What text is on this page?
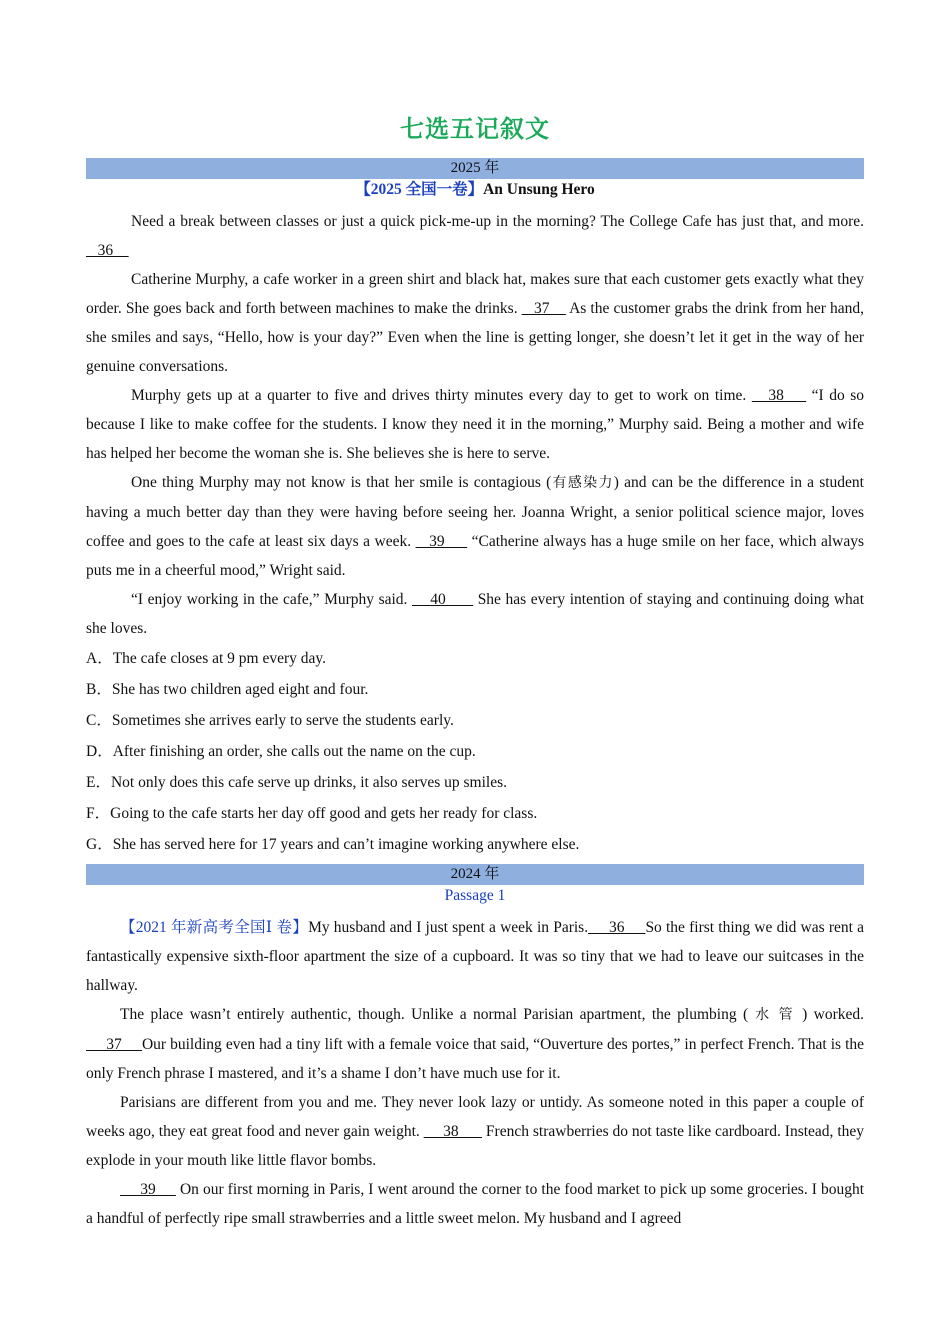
七选五记叙文
2025 年
【2025 全国一卷】An Unsung Hero

Need a break between classes or just a quick pick-me-up in the morning? The College Cafe has just that, and more.    36

Catherine Murphy, a cafe worker in a green shirt and black hat, makes sure that each customer gets exactly what they order. She goes back and forth between machines to make the drinks.    37     As the customer grabs the drink from her hand, she smiles and says, “Hello, how is your day?” Even when the line is getting longer, she doesn’t let it get in the way of her genuine conversations.

Murphy gets up at a quarter to five and drives thirty minutes every day to get to work on time.    38     “I do so because I like to make coffee for the students. I know they need it in the morning,” Murphy said. Being a mother and wife has helped her become the woman she is. She believes she is here to serve.

One thing Murphy may not know is that her smile is contagious (有感染力) and can be the difference in a student having a much better day than they were having before seeing her. Joanna Wright, a senior political science major, loves coffee and goes to the cafe at least six days a week.    39      “Catherine always has a huge smile on her face, which always puts me in a cheerful mood,” Wright said.

“I enjoy working in the cafe,” Murphy said.     40       She has every intention of staying and continuing doing what she loves.

A．The cafe closes at 9 pm every day.
B．She has two children aged eight and four.
C．Sometimes she arrives early to serve the students early.
D．After finishing an order, she calls out the name on the cup.
E．Not only does this cafe serve up drinks, it also serves up smiles.
F．Going to the cafe starts her day off good and gets her ready for class.
G．She has served here for 17 years and can’t imagine working anywhere else.
2024 年
Passage 1

【2021 年新高考全国Ⅰ 卷】My husband and I just spent a week in Paris.     36     So the first thing we did was rent a fantastically expensive sixth-floor apartment the size of a cupboard. It was so tiny that we had to leave our suitcases in the hallway.

The place wasn’t entirely authentic, though. Unlike a normal Parisian apartment, the plumbing ( 水 管 ) worked.      37     Our building even had a tiny lift with a female voice that said, “Ouverture des portes,” in perfect French. That is the only French phrase I mastered, and it’s a shame I don’t have much use for it.

Parisians are different from you and me. They never look lazy or untidy. As someone noted in this paper a couple of weeks ago, they eat great food and never gain weight.      38       French strawberries do not taste like cardboard. Instead, they explode in your mouth like little flavor bombs.

39      On our first morning in Paris, I went around the corner to the food market to pick up some groceries. I bought a handful of perfectly ripe small strawberries and a little sweet melon. My husband and I agreed
